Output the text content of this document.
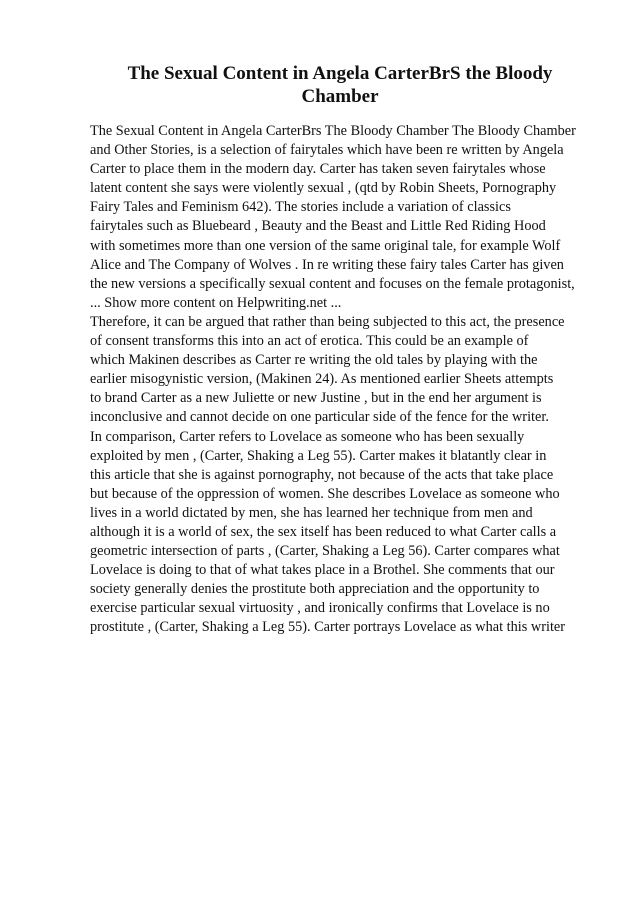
The Sexual Content in Angela CarterBrS the Bloody
Chamber
The Sexual Content in Angela CarterBrs The Bloody Chamber The Bloody Chamber
and Other Stories, is a selection of fairytales which have been re written by Angela
Carter to place them in the modern day. Carter has taken seven fairytales whose
latent content she says were violently sexual , (qtd by Robin Sheets, Pornography
Fairy Tales and Feminism 642). The stories include a variation of classics
fairytales such as Bluebeard , Beauty and the Beast and Little Red Riding Hood
with sometimes more than one version of the same original tale, for example Wolf
Alice and The Company of Wolves . In re writing these fairy tales Carter has given
the new versions a specifically sexual content and focuses on the female protagonist,
... Show more content on Helpwriting.net ...
Therefore, it can be argued that rather than being subjected to this act, the presence
of consent transforms this into an act of erotica. This could be an example of
which Makinen describes as Carter re writing the old tales by playing with the
earlier misogynistic version, (Makinen 24). As mentioned earlier Sheets attempts
to brand Carter as a new Juliette or new Justine , but in the end her argument is
inconclusive and cannot decide on one particular side of the fence for the writer.
In comparison, Carter refers to Lovelace as someone who has been sexually
exploited by men , (Carter, Shaking a Leg 55). Carter makes it blatantly clear in
this article that she is against pornography, not because of the acts that take place
but because of the oppression of women. She describes Lovelace as someone who
lives in a world dictated by men, she has learned her technique from men and
although it is a world of sex, the sex itself has been reduced to what Carter calls a
geometric intersection of parts , (Carter, Shaking a Leg 56). Carter compares what
Lovelace is doing to that of what takes place in a Brothel. She comments that our
society generally denies the prostitute both appreciation and the opportunity to
exercise particular sexual virtuosity , and ironically confirms that Lovelace is no
prostitute , (Carter, Shaking a Leg 55). Carter portrays Lovelace as what this writer
